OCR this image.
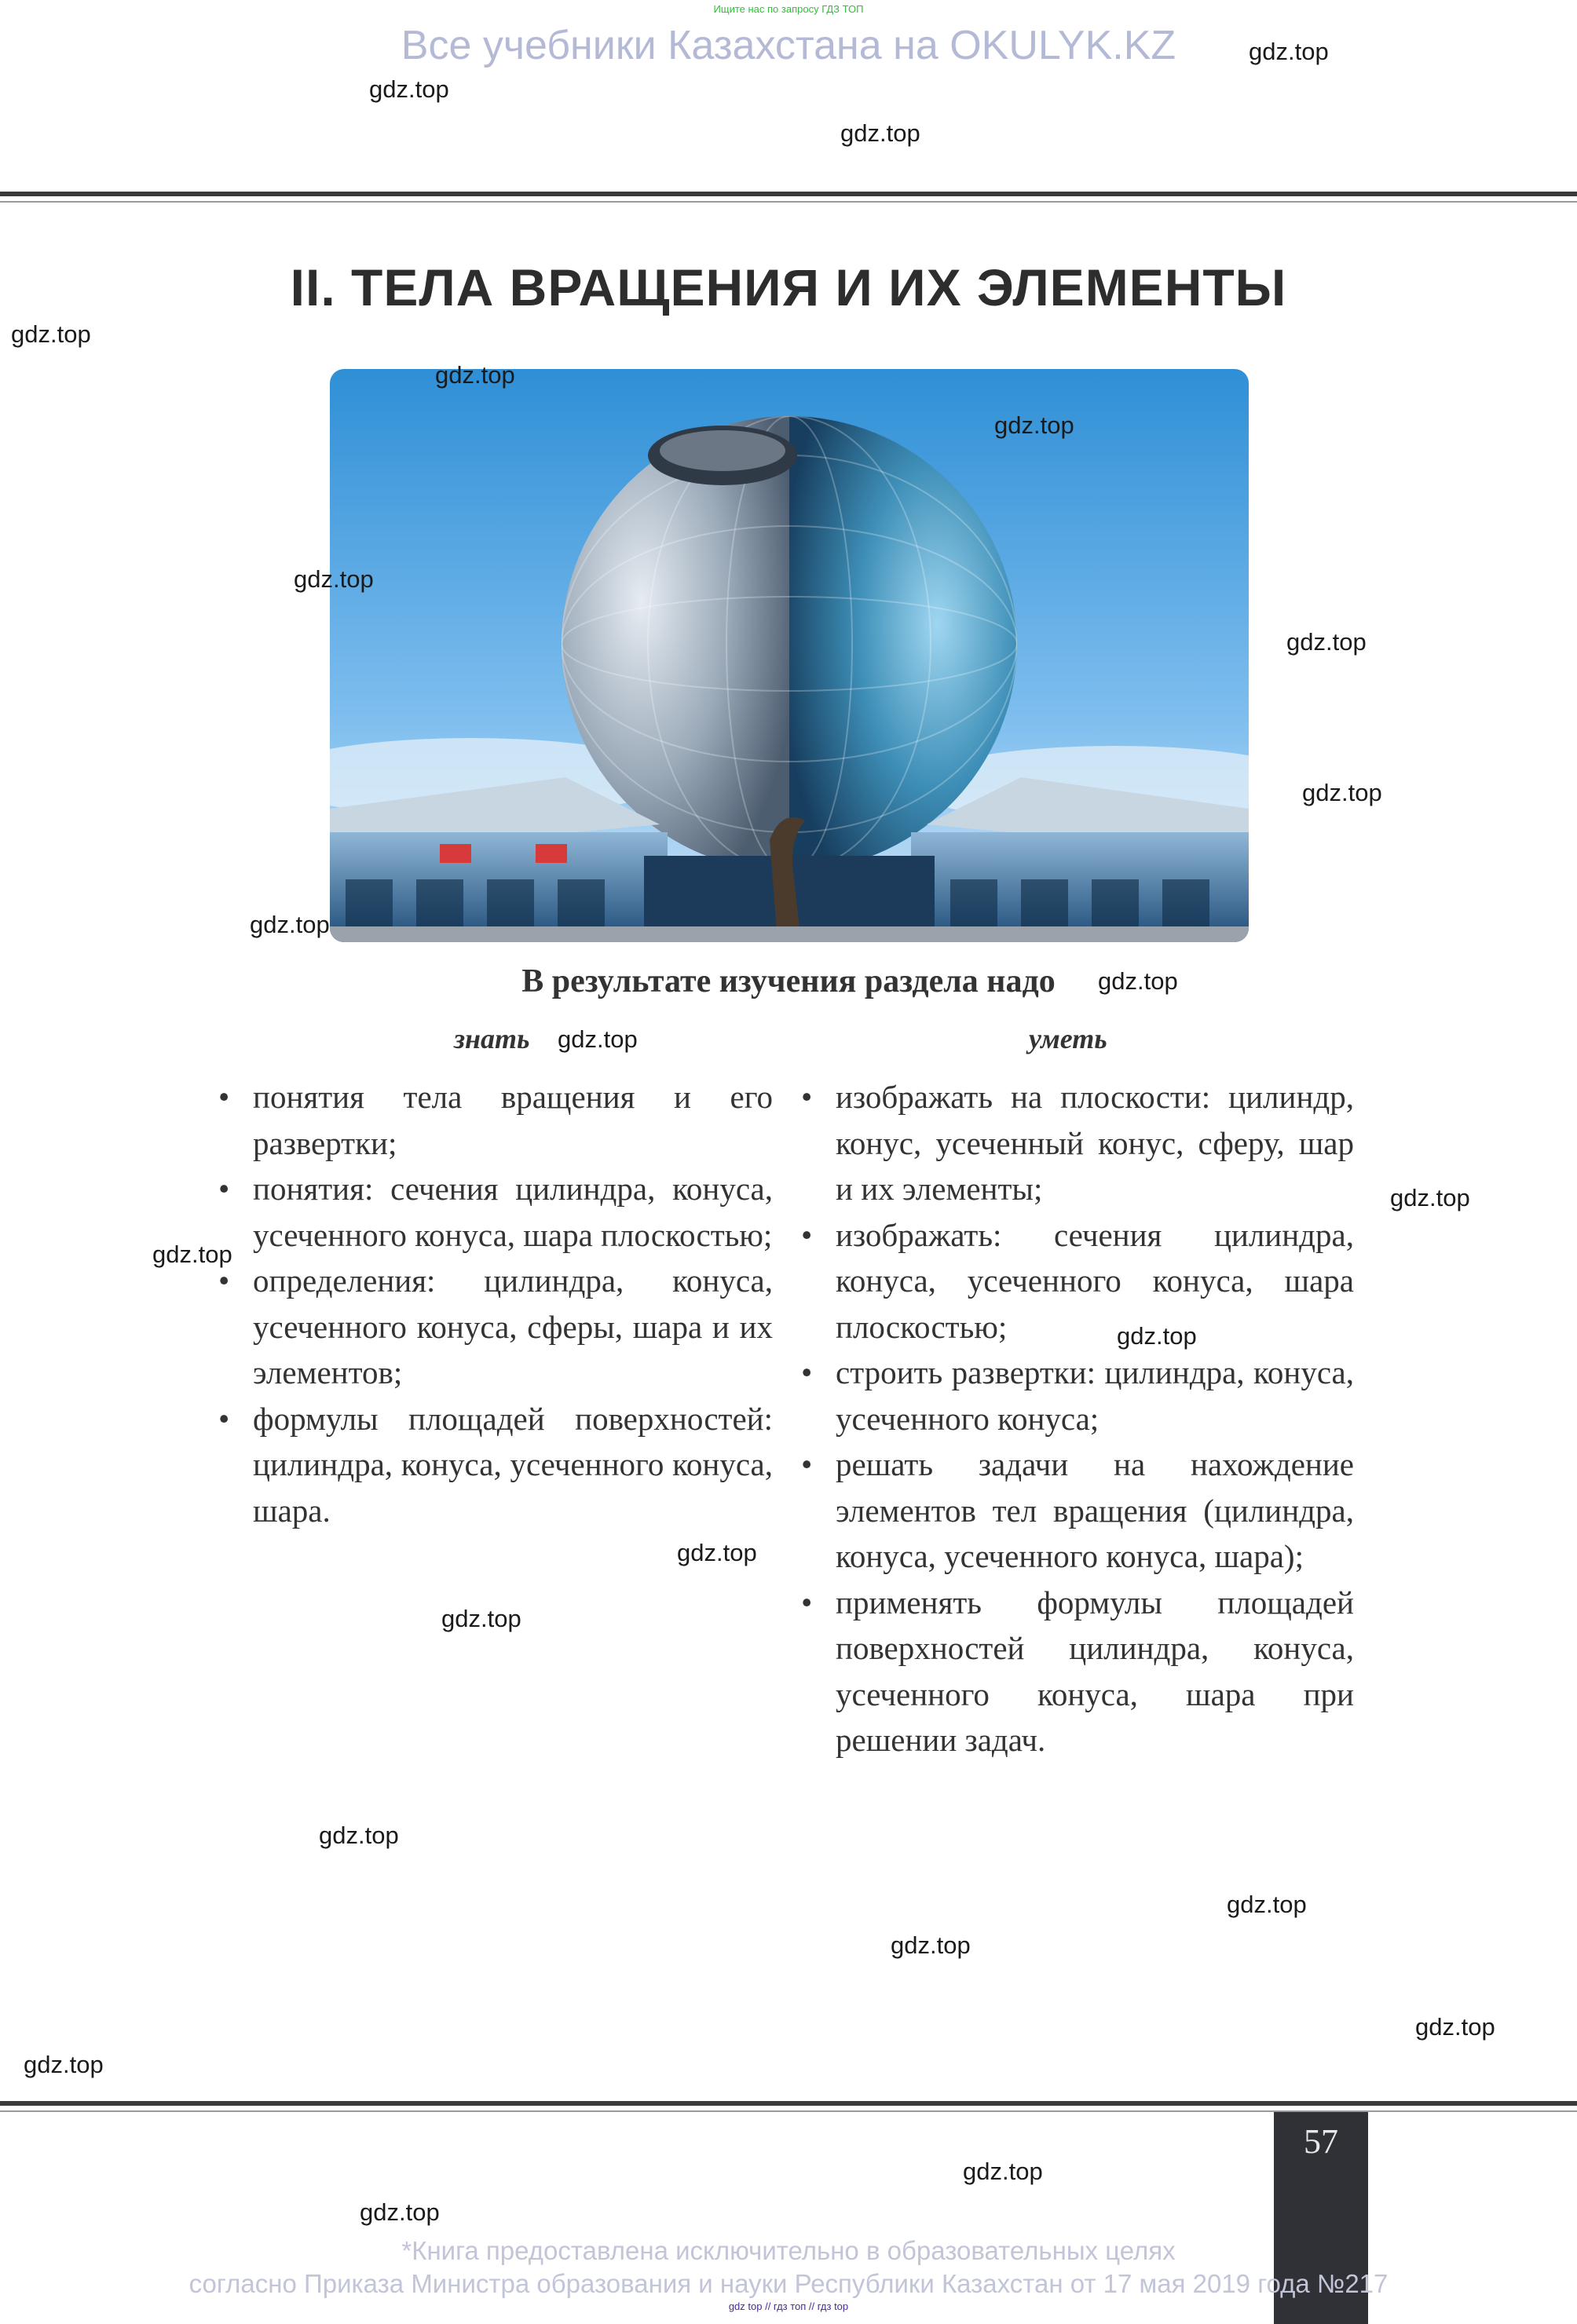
Ищите нас по запросу ГДЗ ТОП
Все учебники Казахстана на OKULYK.KZ
II. ТЕЛА ВРАЩЕНИЯ И ИХ ЭЛЕМЕНТЫ
В результате изучения раздела надо
знать	уметь
• понятия тела вращения и его развертки;
• понятия: сечения цилиндра, конуса, усеченного конуса, шара плоскостью;
• определения: цилиндра, конуса, усеченного конуса, сферы, шара и их элементов;
• формулы площадей поверхностей: цилиндра, конуса, усеченного конуса, шара.
• изображать на плоскости: цилиндр, конус, усеченный конус, сферу, шар и их элементы;
• изображать: сечения цилиндра, конуса, усеченного конуса, шара плоскостью;
• строить развертки: цилиндра, конуса, усеченного конуса;
• решать задачи на нахождение элементов тел вращения (цилиндра, конуса, усеченного конуса, шара);
• применять формулы площадей поверхностей цилиндра, конуса, усеченного конуса, шара при решении задач.
57
*Книга предоставлена исключительно в образовательных целях
согласно Приказа Министра образования и науки Республики Казахстан от 17 мая 2019 года №217
gdz top // гдз топ // гдз top
gdz.top
gdz.top
gdz.top
gdz.top
gdz.top
gdz.top
gdz.top
gdz.top
gdz.top
gdz.top
gdz.top
gdz.top
gdz.top
gdz.top
gdz.top
gdz.top
gdz.top
gdz.top
gdz.top
gdz.top
gdz.top
gdz.top
gdz.top
gdz.top
